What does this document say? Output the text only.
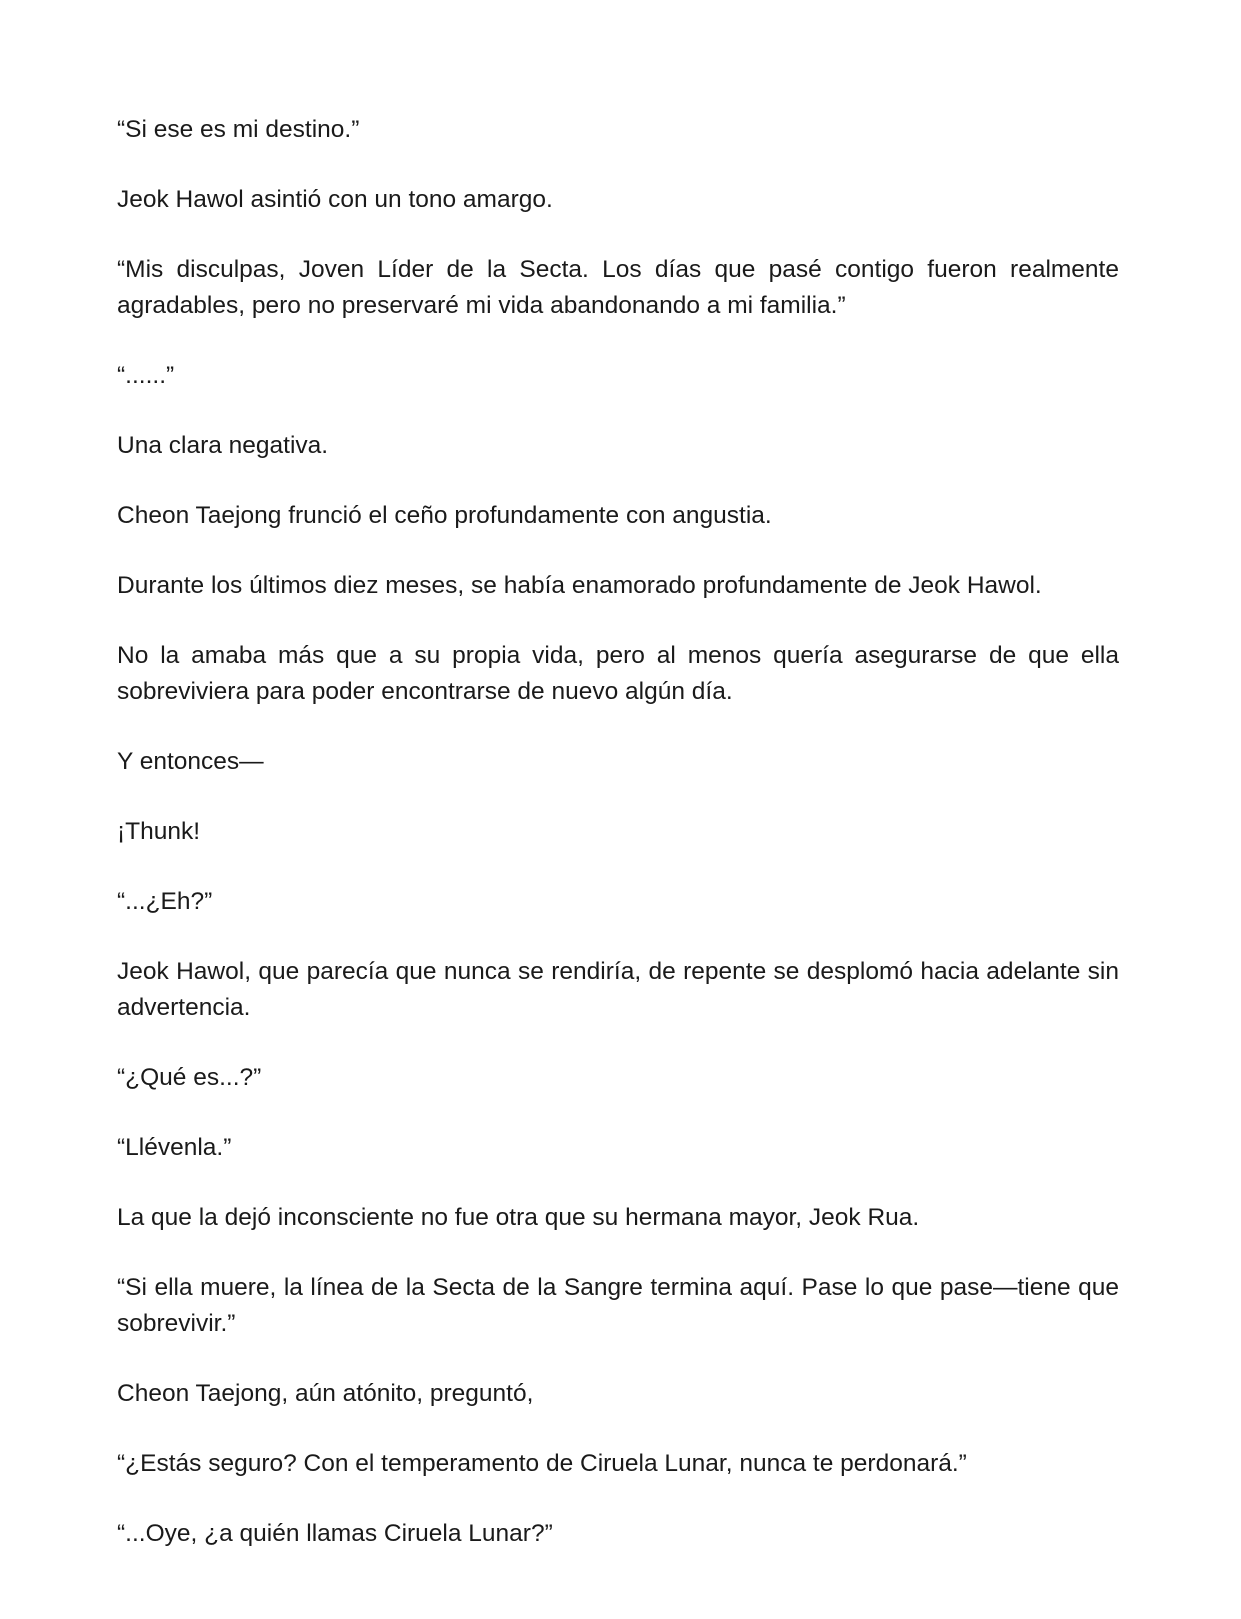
“Si ese es mi destino.”

Jeok Hawol asintió con un tono amargo.

“Mis disculpas, Joven Líder de la Secta. Los días que pasé contigo fueron realmente agradables, pero no preservaré mi vida abandonando a mi familia.”

“......”

Una clara negativa.

Cheon Taejong frunció el ceño profundamente con angustia.

Durante los últimos diez meses, se había enamorado profundamente de Jeok Hawol.

No la amaba más que a su propia vida, pero al menos quería asegurarse de que ella sobreviviera para poder encontrarse de nuevo algún día.

Y entonces—

¡Thunk!

“...¿Eh?”

Jeok Hawol, que parecía que nunca se rendiría, de repente se desplomó hacia adelante sin advertencia.

“¿Qué es...?”

“Llévenla.”

La que la dejó inconsciente no fue otra que su hermana mayor, Jeok Rua.

“Si ella muere, la línea de la Secta de la Sangre termina aquí. Pase lo que pase—tiene que sobrevivir.”

Cheon Taejong, aún atónito, preguntó,

“¿Estás seguro? Con el temperamento de Ciruela Lunar, nunca te perdonará.”

“...Oye, ¿a quién llamas Ciruela Lunar?”
